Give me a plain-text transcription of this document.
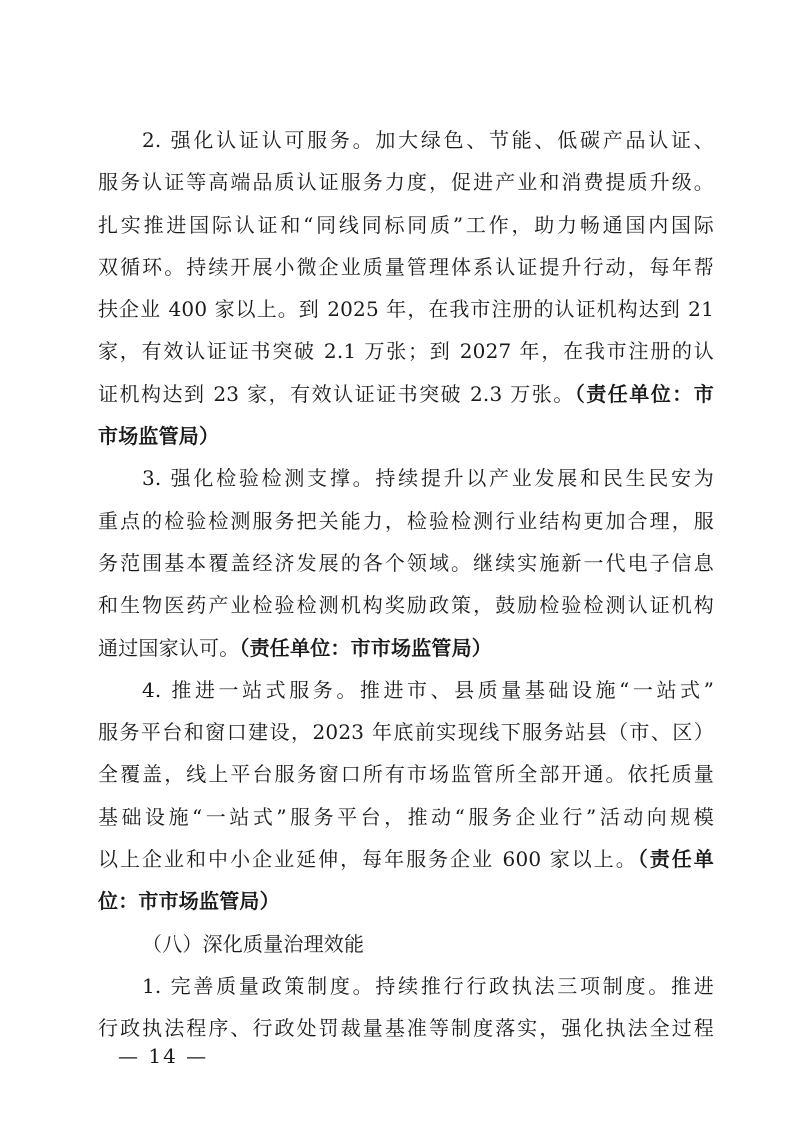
2. 强化认证认可服务。加大绿色、节能、低碳产品认证、
服务认证等高端品质认证服务力度，促进产业和消费提质升级。
扎实推进国际认证和“同线同标同质”工作，助力畅通国内国际
双循环。持续开展小微企业质量管理体系认证提升行动，每年帮
扶企业 400 家以上。到 2025 年，在我市注册的认证机构达到 21
家，有效认证证书突破 2.1 万张；到 2027 年，在我市注册的认
证机构达到 23 家，有效认证证书突破 2.3 万张。（责任单位：市
市场监管局）
3. 强化检验检测支撑。持续提升以产业发展和民生民安为
重点的检验检测服务把关能力，检验检测行业结构更加合理，服
务范围基本覆盖经济发展的各个领域。继续实施新一代电子信息
和生物医药产业检验检测机构奖励政策，鼓励检验检测认证机构
通过国家认可。（责任单位：市市场监管局）
4. 推进一站式服务。推进市、县质量基础设施“一站式”
服务平台和窗口建设，2023 年底前实现线下服务站县（市、区）
全覆盖，线上平台服务窗口所有市场监管所全部开通。依托质量
基础设施“一站式”服务平台，推动“服务企业行”活动向规模
以上企业和中小企业延伸，每年服务企业 600 家以上。（责任单
位：市市场监管局）
（八）深化质量治理效能
1. 完善质量政策制度。持续推行行政执法三项制度。推进
行政执法程序、行政处罚裁量基准等制度落实，强化执法全过程
— 14 —
